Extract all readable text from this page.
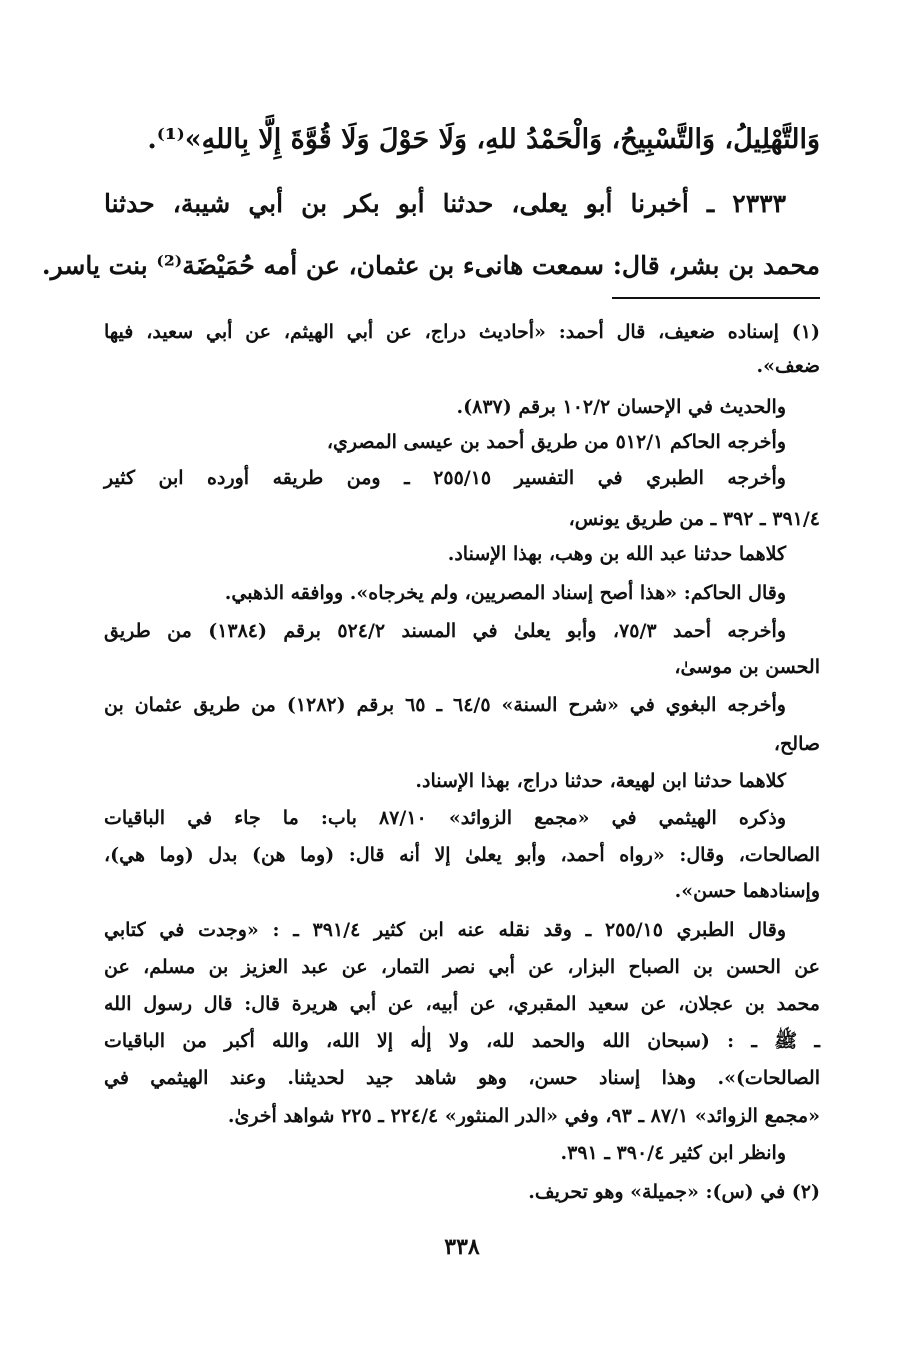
وَالتَّهْلِيلُ، وَالتَّسْبِيحُ، وَالْحَمْدُ للهِ، وَلَا حَوْلَ وَلَا قُوَّةَ إِلَّا بِاللهِ»⁽¹⁾.
٢٣٣٣ ـ أخبرنا أبو يعلى، حدثنا أبو بكر بن أبي شيبة، حدثنا
محمد بن بشر، قال: سمعت هانىء بن عثمان، عن أمه حُمَيْضَة⁽²⁾ بنت ياسر.
(١) إسناده ضعيف، قال أحمد: «أحاديث دراج، عن أبي الهيثم، عن أبي سعيد، فيها
ضعف».
والحديث في الإحسان ١٠٢/٢ برقم (٨٣٧).
وأخرجه الحاكم ٥١٢/١ من طريق أحمد بن عيسى المصري،
وأخرجه الطبري في التفسير ٢٥٥/١٥ ـ ومن طريقه أورده ابن كثير
٣٩١/٤ ـ ٣٩٢ ـ من طريق يونس،
كلاهما حدثنا عبد الله بن وهب، بهذا الإسناد.
وقال الحاكم: «هذا أصح إسناد المصريين، ولم يخرجاه». ووافقه الذهبي.
وأخرجه أحمد ٧٥/٣، وأبو يعلىٰ في المسند ٥٢٤/٢ برقم (١٣٨٤) من طريق
الحسن بن موسىٰ،
وأخرجه البغوي في «شرح السنة» ٦٤/٥ ـ ٦٥ برقم (١٢٨٢) من طريق عثمان بن
صالح،
كلاهما حدثنا ابن لهيعة، حدثنا دراج، بهذا الإسناد.
وذكره الهيثمي في «مجمع الزوائد» ٨٧/١٠ باب: ما جاء في الباقيات
الصالحات، وقال: «رواه أحمد، وأبو يعلىٰ إلا أنه قال: (وما هن) بدل (وما هي)،
وإسنادهما حسن».
وقال الطبري ٢٥٥/١٥ ـ وقد نقله عنه ابن كثير ٣٩١/٤ ـ : «وجدت في كتابي
عن الحسن بن الصباح البزار، عن أبي نصر التمار، عن عبد العزيز بن مسلم، عن
محمد بن عجلان، عن سعيد المقبري، عن أبيه، عن أبي هريرة قال: قال رسول الله
ـ ﷺ ـ : (سبحان الله والحمد لله، ولا إلٰه إلا الله، والله أكبر من الباقيات
الصالحات)». وهذا إسناد حسن، وهو شاهد جيد لحديثنا. وعند الهيثمي في
«مجمع الزوائد» ٨٧/١ ـ ٩٣، وفي «الدر المنثور» ٢٢٤/٤ ـ ٢٢٥ شواهد أخرىٰ.
وانظر ابن كثير ٣٩٠/٤ ـ ٣٩١.
(٢) في (س): «جميلة» وهو تحريف.
٣٣٨
